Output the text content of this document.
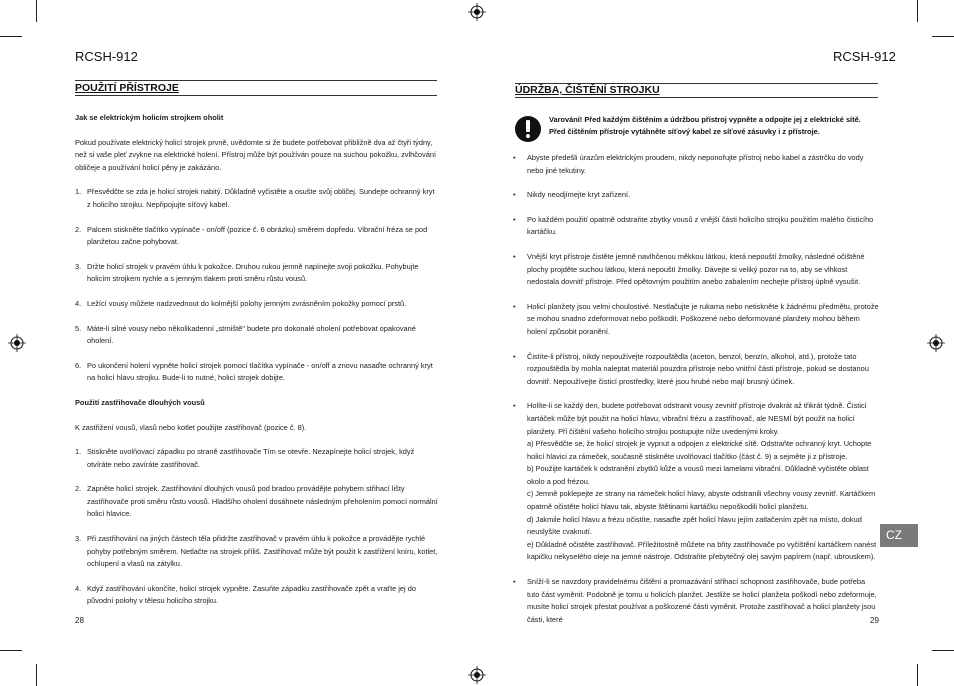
RCSH-912
POUŽITÍ PŘÍSTROJE

Jak se elektrickým holicím strojkem oholit

Pokud používate elektrický holicí strojek prvně, uvědomte si že budete potřebovat přibližně dva až čtyři týdny, než si vaše pleť zvykne na elektrické holení. Přístroj může být používán pouze na suchou pokožku, zvlhčování obličeje a používání holicí pěny je zakázáno.

1. Přesvědčte se zda je holicí strojek nabitý. Důkladně vyčistěte a osušte svůj obličej. Sundejte ochranný kryt z holicího strojku. Nepřipojujte síťový kabel.
2. Palcem stiskněte tlačítko vypínače - on/off (pozice č. 6 obrázku) směrem dopředu. Vibrační fréza se pod planžetou začne pohybovat.
3. Držte holicí strojek v pravém úhlu k pokožce. Druhou rukou jemně napínejte svoji pokožku. Pohybujte holicím strojkem rychle a s jemným tlakem proti směru růstu vousů.
4. Ležící vousy můžete nadzvednout do kolmější polohy jemným zvrásněním pokožky pomocí prstů.
5. Máte-li silné vousy nebo několikadenní „strniště" budete pro dokonalé oholení potřebovat opakované oholení.
6. Po ukončení holení vypněte holicí strojek pomocí tlačítka vypínače - on/off a znovu nasaďte ochranný kryt na holicí hlavu strojku. Bude-li to nutné, holicí strojek dobijte.

Použití zastřihovače dlouhých vousů

K zastřižení vousů, vlasů nebo kotlet použijte zastřihovač (pozice č. 8).

1. Stiskněte uvolňovací západku po straně zastřihovače Tím se otevře. Nezapínejte holicí strojek, když otvíráte nebo zavíráte zastřihovač.
2. Zapněte holicí strojek. Zastřihování dlouhých vousů pod bradou provádějte pohybem střihací lišty zastřihovače proti směru růstu vousů. Hladšího oholení dosáhnete následným přeholením pomocí normální holicí hlavice.
3. Při zastřihování na jiných částech těla přidržte zastřihovač v pravém úhlu k pokožce a provádějte rychlé pohyby potřebným směrem. Netlačte na strojek příliš. Zastřihovač může být použit k zastřižení kníru, kotlet, ochlupení a vlasů na zátylku.
4. Když zastřihování ukončíte, holicí strojek vypněte. Zasuňte západku zastřihovače zpět a vraťte jej do původní polohy v tělesu holicího strojku.
28
RCSH-912
ÚDRŽBA, ČIŠTĚNÍ STROJKU
Varování! Před každým čištěním a údržbou přístroj vypněte a odpojte jej z elektrické sítě. Před čištěním přístroje vytáhněte síťový kabel ze síťové zásuvky i z přístroje.
•	Abyste předešli úrazům elektrickým proudem, nikdy neponořujte přístroj nebo kabel a zástrčku do vody nebo jiné tekutiny.
•	Nikdy neodjímejte kryt zařízení.
•	Po každém použití opatrně odstraňte zbytky vousů z vnější části holicího strojku použitím malého čisticího kartáčku.
•	Vnější kryt přístroje čistěte jemně navlhčenou měkkou látkou, která nepouští žmolky, následné očištěné plochy projděte suchou látkou, která nepouští žmolky. Dávejte si veliký pozor na to, aby se vlhkost nedostala dovnitř přístroje. Před opětovným použitím anebo zabalením nechejte přístroj úplně vysušit.
•	Holicí planžety jsou velmi choulostivé. Nestlačujte je rukama nebo netiskněte k žádnému předmětu, protože se mohou snadno zdeformovat nebo poškodit. Poškozené nebo deformované planžety mohou během holení způsobit poranění.
•	Čistíte-li přístroj, nikdy nepoužívejte rozpouštědla (aceton, benzol, benzín, alkohol, atd.), protože tato rozpouštědla by mohla naleptat materiál pouzdra přístroje nebo vnitřní části přístroje, pokud se dostanou dovnitř. Nepoužívejte čisticí prostředky, které jsou hrubé nebo mají brusný účinek.
•	Holíte-li se každý den, budete potřebovat odstranit vousy zevnitř přístroje dvakrát až třikrát týdně. Čisticí kartáček může být použit na holicí hlavu, vibrační frézu a zastřihovač, ale NESMÍ být použit na holicí planžety. Při čištění vašeho holicího strojku postupujte níže uvedenými kroky.
a) Přesvědčte se, že holicí strojek je vypnut a odpojen z elektrické sítě. Odstraňte ochranný kryt. Uchopte holicí hlavici za rámeček, současně stiskněte uvolňovací tlačítko (část č. 9) a sejměte ji z přístroje.
b) Použijte kartáček k odstranění zbytků kůže a vousů mezi lamelami vibrační. Důkladně vyčistěte oblast okolo a pod frézou.
c) Jemně poklepejte ze strany na rámeček holicí hlavy, abyste odstranili všechny vousy zevnitř. Kartáčkem opatrně očistěte holicí hlavu tak, abyste štětinami kartáčku nepoškodili holicí planžetu.
d) Jakmile holicí hlavu a frézu očistíte, nasaďte zpět holicí hlavu jejím zatlačením zpět na místo, dokud neuslyšíte cvaknutí.
e) Důkladně očistěte zastřihovač. Příležitostně můžete na břity zastřihovače po vyčištění kartáčkem nanést kapičku nekyselého oleje na jemné nástroje. Odstraňte přebytečný olej savým papírem (např. ubrouskem).
•	Sníží-li se navzdory pravidelnému čištění a promazávání střihací schopnost zastřihovače, bude potřeba tuto část vyměnit. Podobně je tomu u holicích planžet. Jestliže se holicí planžeta poškodí nebo zdeformuje, musíte holicí strojek přestat používat a poškozené části vyměnit. Protože zastřihovač a holicí planžety jsou části, které	29
CZ
